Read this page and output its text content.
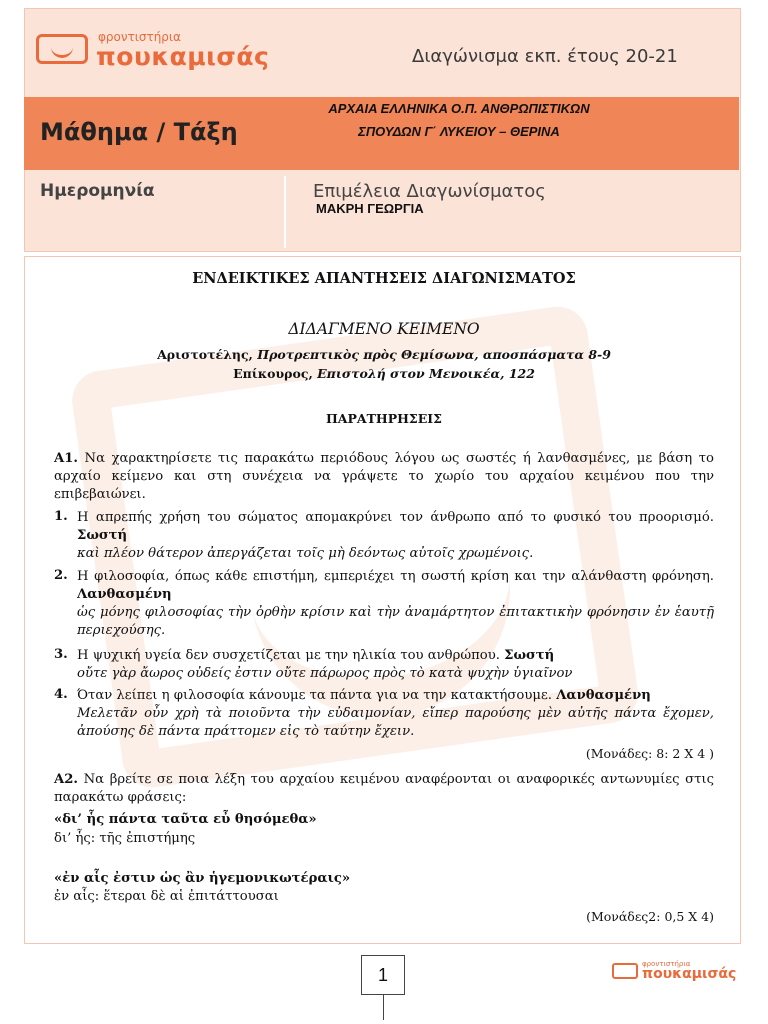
φροντιστήρια
πουκαμισάς	Διαγώνισμα εκπ. έτους 20-21
Μάθημα / Τάξη
ΑΡΧΑΙΑ ΕΛΛΗΝΙΚΑ Ο.Π. ΑΝΘΡΩΠΙΣΤΙΚΩΝ
ΣΠΟΥΔΩΝ Γ΄ ΛΥΚΕΙΟΥ – ΘΕΡΙΝΑ
Ημερομηνία	Επιμέλεια Διαγωνίσματος
ΜΑΚΡΗ ΓΕΩΡΓΙΑ
ΕΝΔΕΙΚΤΙΚΕΣ ΑΠΑΝΤΗΣΕΙΣ ΔΙΑΓΩΝΙΣΜΑΤΟΣ
ΔΙΔΑΓΜΕΝΟ ΚΕΙΜΕΝΟ
Αριστοτέλης, Προτρεπτικὸς πρὸς Θεμίσωνα, αποσπάσματα 8-9
Επίκουρος, Επιστολή στον Μενοικέα, 122
ΠΑΡΑΤΗΡΗΣΕΙΣ
Α1. Να χαρακτηρίσετε τις παρακάτω περιόδους λόγου ως σωστές ή λανθασμένες, με βάση το αρχαίο κείμενο και στη συνέχεια να γράψετε το χωρίο του αρχαίου κειμένου που την επιβεβαιώνει.
1. Η απρεπής χρήση του σώματος απομακρύνει τον άνθρωπο από το φυσικό του προορισμό. Σωστή
καὶ πλέον θάτερον ἀπεργάζεται τοῖς μὴ δεόντως αὐτοῖς χρωμένοις.
2. Η φιλοσοφία, όπως κάθε επιστήμη, εμπεριέχει τη σωστή κρίση και την αλάνθαστη φρόνηση. Λανθασμένη
ὡς μόνης φιλοσοφίας τὴν ὀρθὴν κρίσιν καὶ τὴν ἀναμάρτητον ἐπιτακτικὴν φρόνησιν ἐν ἑαυτῇ περιεχούσης.
3. Η ψυχική υγεία δεν συσχετίζεται με την ηλικία του ανθρώπου. Σωστή
οὔτε γὰρ ἄωρος οὐδείς ἐστιν οὔτε πάρωρος πρὸς τὸ κατὰ ψυχὴν ὑγιαῖνον
4. Όταν λείπει η φιλοσοφία κάνουμε τα πάντα για να την κατακτήσουμε. Λανθασμένη
Μελετᾶν οὖν χρὴ τὰ ποιοῦντα τὴν εὐδαιμονίαν, εἴπερ παρούσης μὲν αὐτῆς πάντα ἔχομεν, ἀπούσης δὲ πάντα πράττομεν εἰς τὸ ταύτην ἔχειν.
(Μονάδες: 8: 2 Χ 4 )
Α2. Να βρείτε σε ποια λέξη του αρχαίου κειμένου αναφέρονται οι αναφορικές αντωνυμίες στις παρακάτω φράσεις:
«δι’ ἧς πάντα ταῦτα εὖ θησόμεθα»
δι’ ἧς: τῆς ἐπιστήμης
«ἐν αἷς ἐστιν ὡς ἂν ἡγεμονικωτέραις»
ἐν αἷς: ἕτεραι δὲ αἱ ἐπιτάττουσαι
(Μονάδες2: 0,5 Χ 4)
1
φροντιστήρια
πουκαμισάς
